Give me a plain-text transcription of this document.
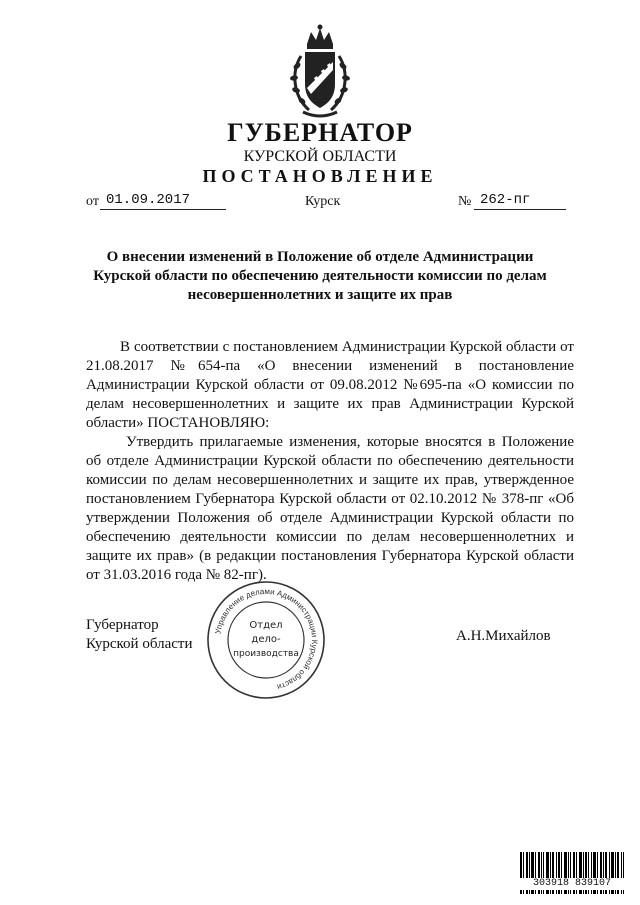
ГУБЕРНАТОР
КУРСКОЙ ОБЛАСТИ
ПОСТАНОВЛЕНИЕ
от 01.09.2017	Курск	№ 262-пг
О внесении изменений в Положение об отделе Администрации Курской области по обеспечению деятельности комиссии по делам несовершеннолетних и защите их прав

В соответствии с постановлением Администрации Курской области от 21.08.2017 №654-па «О внесении изменений в постановление Администрации Курской области от 09.08.2012 №695-па «О комиссии по делам несовершеннолетних и защите их прав Администрации Курской области» ПОСТАНОВЛЯЮ:

Утвердить прилагаемые изменения, которые вносятся в Положение об отделе Администрации Курской области по обеспечению деятельности комиссии по делам несовершеннолетних и защите их прав, утвержденное постановлением Губернатора Курской области от 02.10.2012 № 378-пг «Об утверждении Положения об отделе Администрации Курской области по обеспечению деятельности комиссии по делам несовершеннолетних и защите их прав» (в редакции постановления Губернатора Курской области от 31.03.2016 года № 82-пг).

Губернатор
Курской области
Управление делами Администрации Курской области
Отдел
дело-
производства
А.Н.Михайлов
303918 839107
